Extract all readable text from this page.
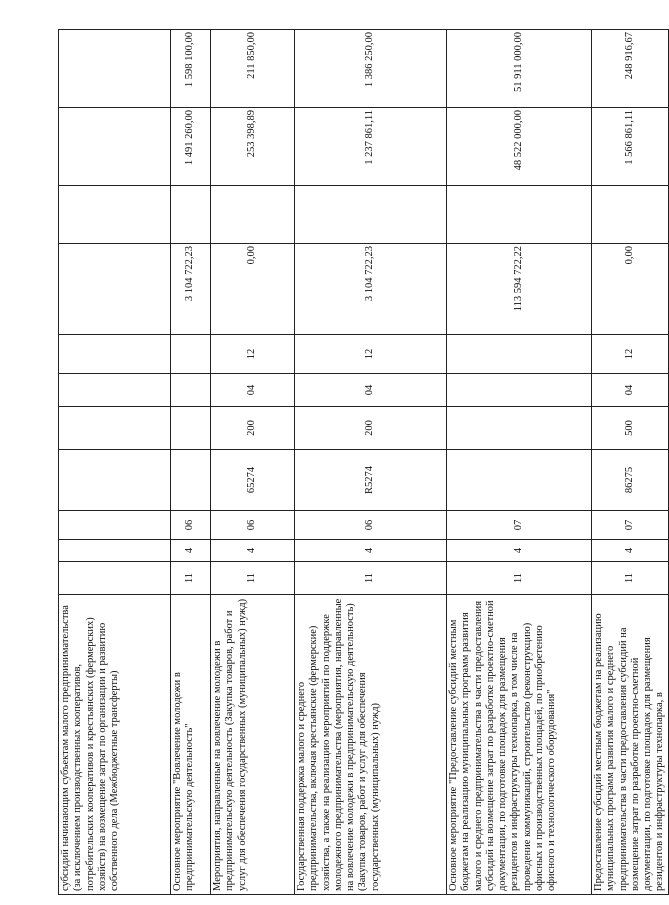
субсидий начинающим субъектам малого предпринимательства (за исключением производственных кооперативов, потребительских кооперативов и крестьянских (фермерских) хозяйств) на возмещение затрат по организации и развитию собственного дела (Межбюджетные трансферты)											
Основное мероприятие "Вовлечение молодежи в предпринимательскую деятельность"	11	4	06					3 104 722,23		1 491 260,00	1 598 100,00
Мероприятия, направленные на вовлечение молодежи в предпринимательскую деятельность (Закупка товаров, работ и услуг для обеспечения государственных (муниципальных) нужд)	11	4	06	65274	200	04	12	0,00		253 398,89	211 850,00
Государственная поддержка малого и среднего предпринимательства, включая крестьянские (фермерские) хозяйства, а также на реализацию мероприятий по поддержке молодежного предпринимательства (мероприятия, направленные на вовлечение молодежи в предпринимательскую деятельность) (Закупка товаров, работ и услуг для обеспечения государственных (муниципальных) нужд)	11	4	06	R5274	200	04	12	3 104 722,23		1 237 861,11	1 386 250,00
Основное мероприятие "Предоставление субсидий местным бюджетам на реализацию муниципальных программ развития малого и среднего предпринимательства в части предоставления субсидий на возмещение затрат по разработке проектно-сметной документации, по подготовке площадок для размещения резидентов и инфраструктуры технопарка, в том числе на проведение коммуникаций, строительство (реконструкцию) офисных и производственных площадей, по приобретению офисного и технологического оборудования"	11	4	07					113 594 722,22		48 522 000,00	51 911 000,00
Предоставление субсидий местным бюджетам на реализацию муниципальных программ развития малого и среднего предпринимательства в части предоставления субсидий на возмещение затрат по разработке проектно-сметной документации, по подготовке площадок для размещения резидентов и инфраструктуры технопарка, в	11	4	07	86275	500	04	12	0,00		1 566 861,11	248 916,67
